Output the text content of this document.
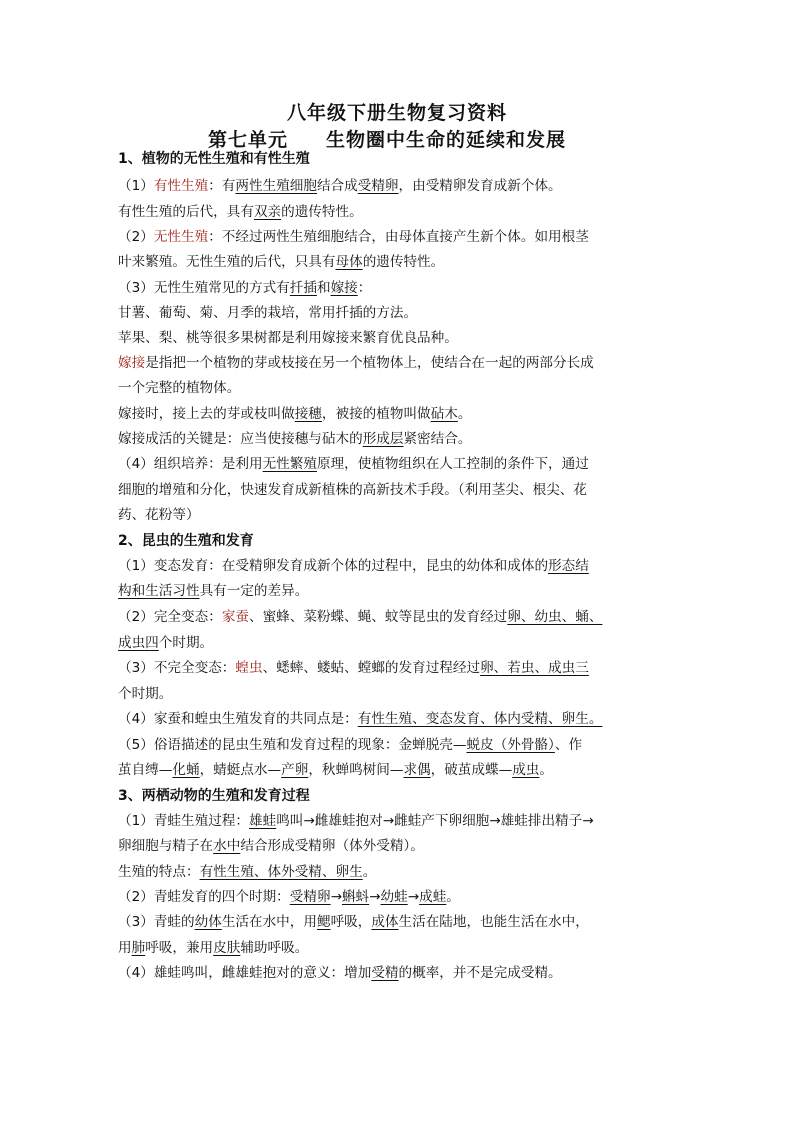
八年级下册生物复习资料
第七单元 生物圈中生命的延续和发展
1、植物的无性生殖和有性生殖
（1）有性生殖：有两性生殖细胞结合成受精卵，由受精卵发育成新个体。
有性生殖的后代，具有双亲的遗传特性。
（2）无性生殖：不经过两性生殖细胞结合，由母体直接产生新个体。如用根茎
叶来繁殖。无性生殖的后代，只具有母体的遗传特性。
（3）无性生殖常见的方式有扦插和嫁接：
甘薯、葡萄、菊、月季的栽培，常用扦插的方法。
苹果、梨、桃等很多果树都是利用嫁接来繁育优良品种。
嫁接是指把一个植物的芽或枝接在另一个植物体上，使结合在一起的两部分长成
一个完整的植物体。
嫁接时，接上去的芽或枝叫做接穗，被接的植物叫做砧木。
嫁接成活的关键是：应当使接穗与砧木的形成层紧密结合。
（4）组织培养：是利用无性繁殖原理，使植物组织在人工控制的条件下，通过
细胞的增殖和分化，快速发育成新植株的高新技术手段。（利用茎尖、根尖、花
药、花粉等）
2、昆虫的生殖和发育
（1）变态发育：在受精卵发育成新个体的过程中，昆虫的幼体和成体的形态结
构和生活习性具有一定的差异。
（2）完全变态：家蚕、蜜蜂、菜粉蝶、蝇、蚊等昆虫的发育经过卵、幼虫、蛹、
成虫四个时期。
（3）不完全变态：蝗虫、蟋蟀、蝼蛄、螳螂的发育过程经过卵、若虫、成虫三
个时期。
（4）家蚕和蝗虫生殖发育的共同点是：有性生殖、变态发育、体内受精、卵生。
（5）俗语描述的昆虫生殖和发育过程的现象：金蝉脱壳—蜕皮（外骨骼）、作
茧自缚—化蛹，蜻蜓点水—产卵，秋蝉鸣树间—求偶，破茧成蝶—成虫。
3、两栖动物的生殖和发育过程
（1）青蛙生殖过程：雄蛙鸣叫→雌雄蛙抱对→雌蛙产下卵细胞→雄蛙排出精子→
卵细胞与精子在水中结合形成受精卵（体外受精）。
生殖的特点：有性生殖、体外受精、卵生。
（2）青蛙发育的四个时期：受精卵→蝌蚪→幼蛙→成蛙。
（3）青蛙的幼体生活在水中，用鳃呼吸，成体生活在陆地，也能生活在水中，
用肺呼吸，兼用皮肤辅助呼吸。
（4）雄蛙鸣叫，雌雄蛙抱对的意义：增加受精的概率，并不是完成受精。
